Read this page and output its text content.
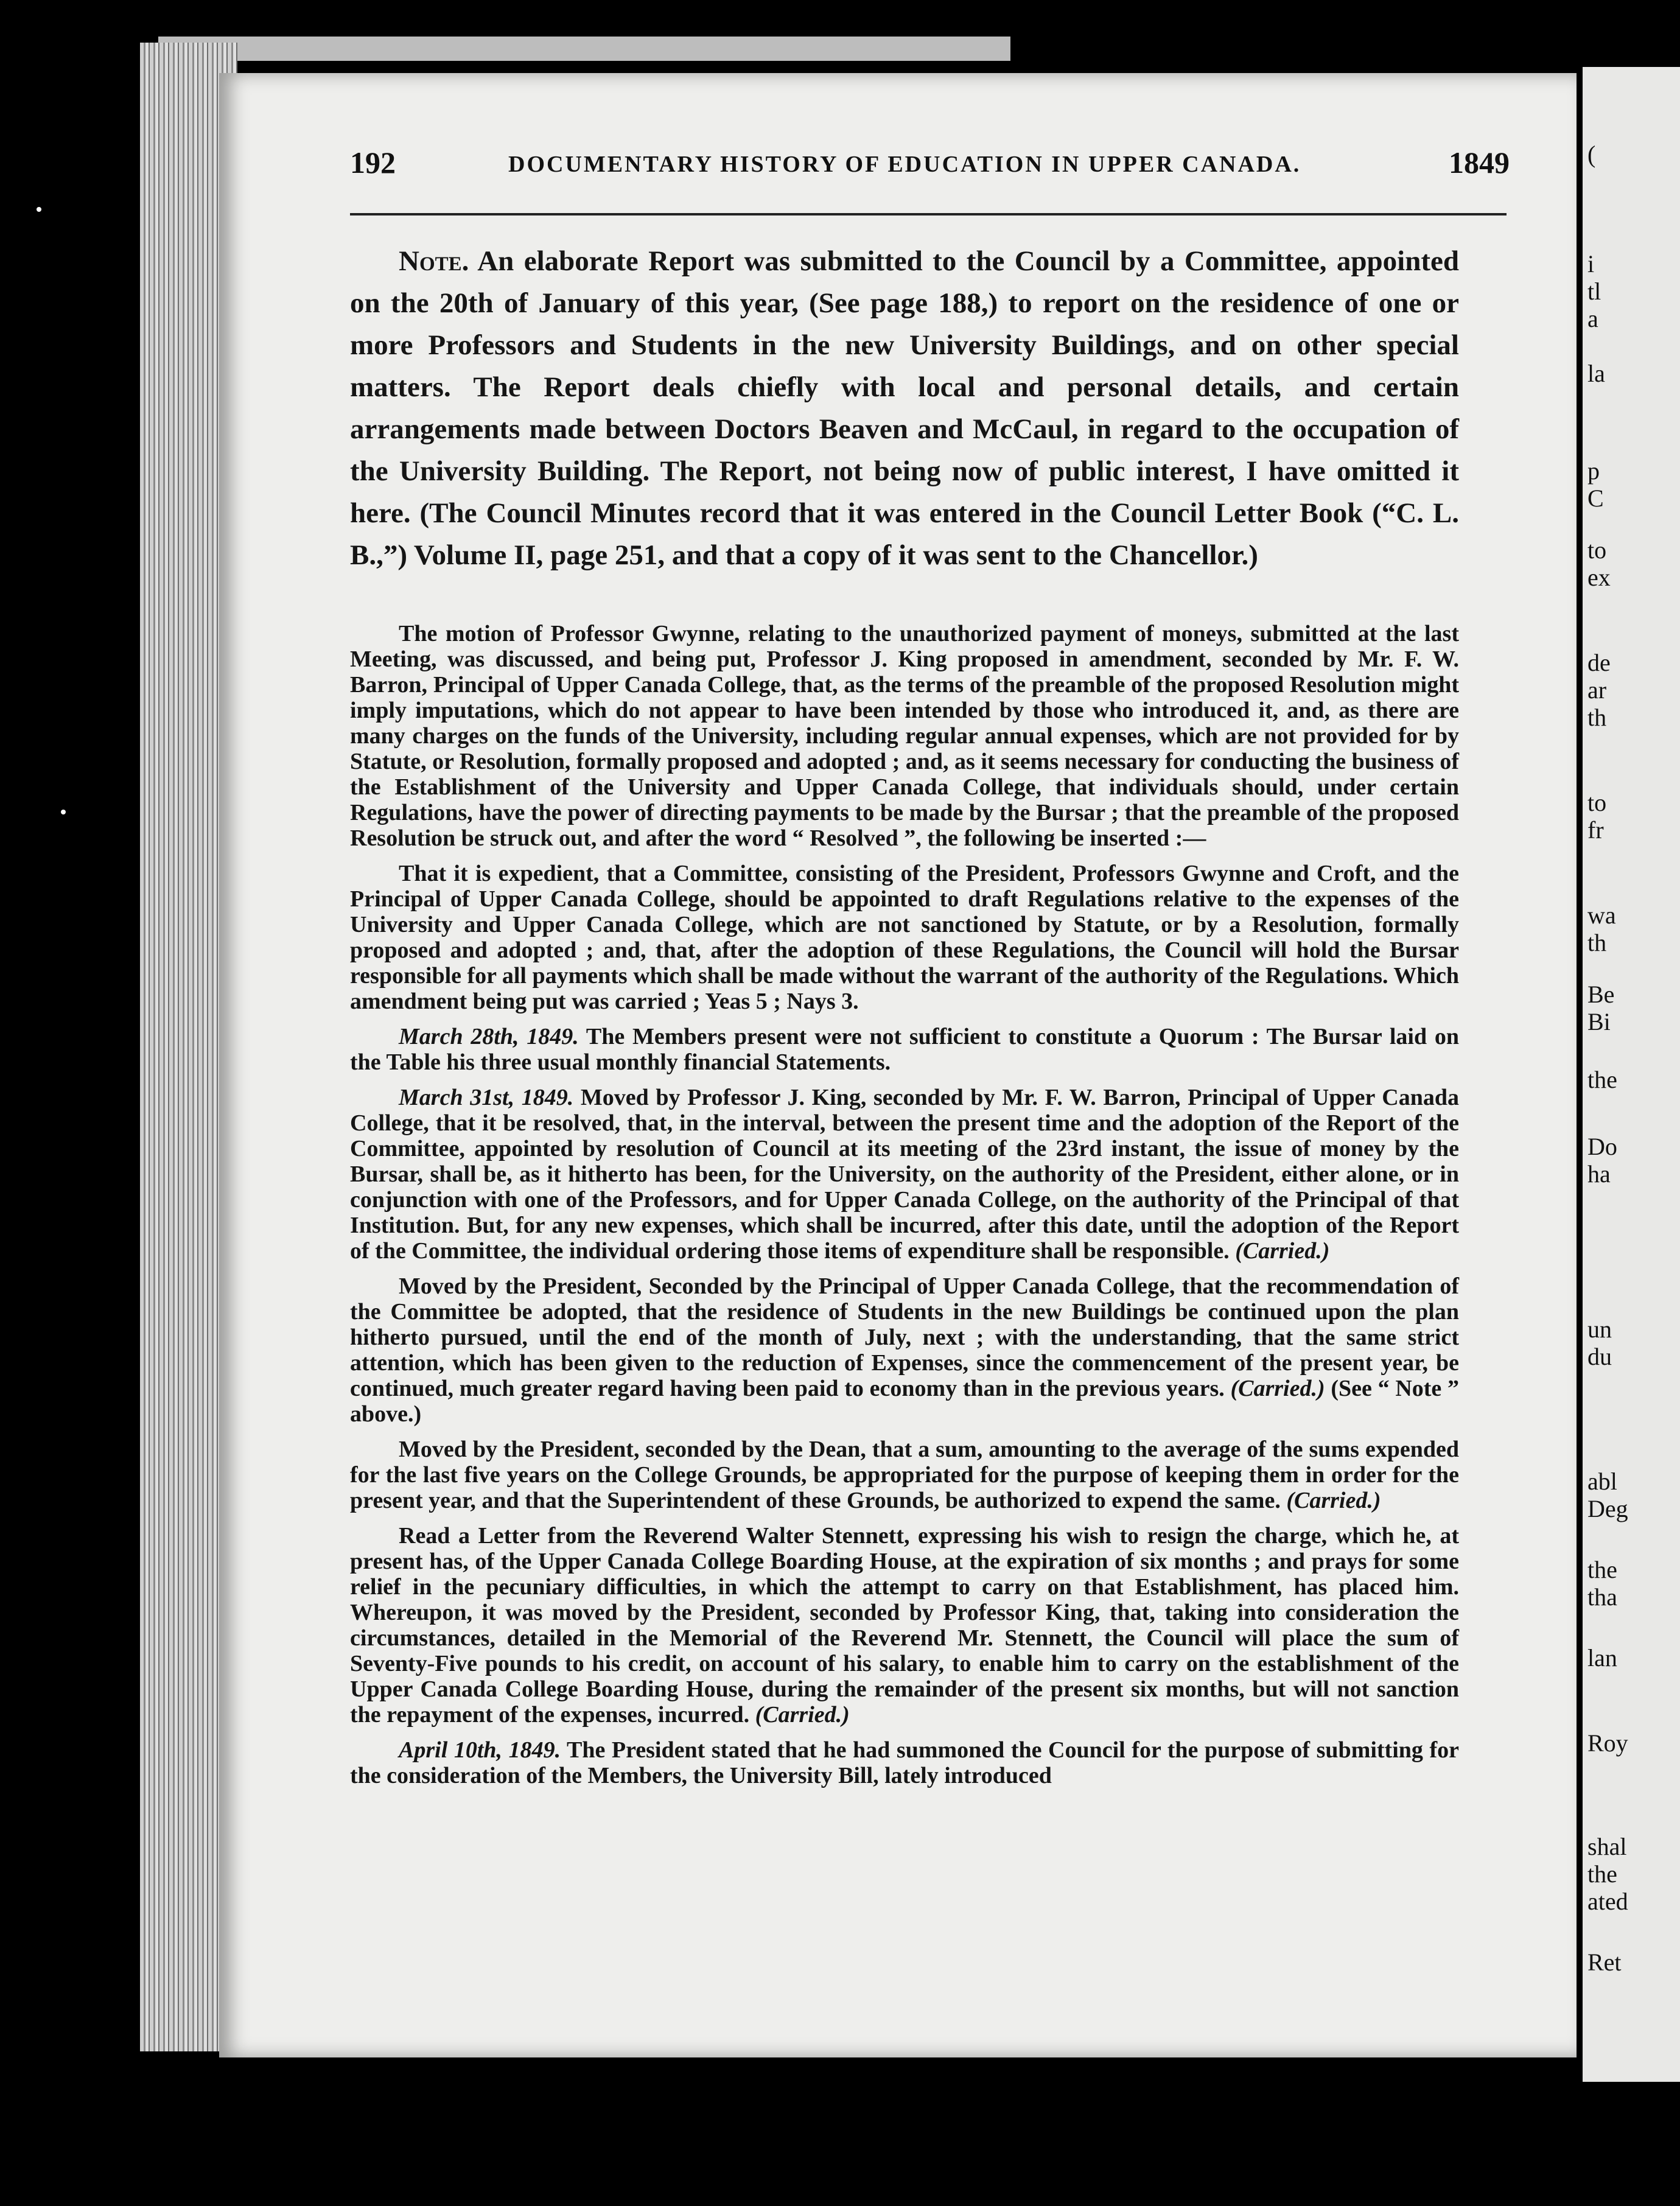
192	DOCUMENTARY HISTORY OF EDUCATION IN UPPER CANADA.	1849
Note. An elaborate Report was submitted to the Council by a Committee, appointed on the 20th of January of this year, (See page 188,) to report on the residence of one or more Professors and Students in the new University Buildings, and on other special matters. The Report deals chiefly with local and personal details, and certain arrangements made between Doctors Beaven and McCaul, in regard to the occupation of the University Building. The Report, not being now of public interest, I have omitted it here. (The Council Minutes record that it was entered in the Council Letter Book (“C. L. B.,”) Volume II, page 251, and that a copy of it was sent to the Chancellor.)

The motion of Professor Gwynne, relating to the unauthorized payment of moneys, submitted at the last Meeting, was discussed, and being put, Professor J. King proposed in amendment, seconded by Mr. F. W. Barron, Principal of Upper Canada College, that, as the terms of the preamble of the proposed Resolution might imply imputations, which do not appear to have been intended by those who introduced it, and, as there are many charges on the funds of the University, including regular annual expenses, which are not provided for by Statute, or Resolution, formally proposed and adopted ; and, as it seems necessary for conducting the business of the Establishment of the University and Upper Canada College, that individuals should, under certain Regulations, have the power of directing payments to be made by the Bursar ; that the preamble of the proposed Resolution be struck out, and after the word “ Resolved ”, the following be inserted :—

That it is expedient, that a Committee, consisting of the President, Professors Gwynne and Croft, and the Principal of Upper Canada College, should be appointed to draft Regulations relative to the expenses of the University and Upper Canada College, which are not sanctioned by Statute, or by a Resolution, formally proposed and adopted ; and, that, after the adoption of these Regulations, the Council will hold the Bursar responsible for all payments which shall be made without the warrant of the authority of the Regulations. Which amendment being put was carried ; Yeas 5 ; Nays 3.

March 28th, 1849. The Members present were not sufficient to constitute a Quorum : The Bursar laid on the Table his three usual monthly financial Statements.

March 31st, 1849. Moved by Professor J. King, seconded by Mr. F. W. Barron, Principal of Upper Canada College, that it be resolved, that, in the interval, between the present time and the adoption of the Report of the Committee, appointed by resolution of Council at its meeting of the 23rd instant, the issue of money by the Bursar, shall be, as it hitherto has been, for the University, on the authority of the President, either alone, or in conjunction with one of the Professors, and for Upper Canada College, on the authority of the Principal of that Institution. But, for any new expenses, which shall be incurred, after this date, until the adoption of the Report of the Committee, the individual ordering those items of expenditure shall be responsible. (Carried.)

Moved by the President, Seconded by the Principal of Upper Canada College, that the recommendation of the Committee be adopted, that the residence of Students in the new Buildings be continued upon the plan hitherto pursued, until the end of the month of July, next ; with the understanding, that the same strict attention, which has been given to the reduction of Expenses, since the commencement of the present year, be continued, much greater regard having been paid to economy than in the previous years. (Carried.) (See “ Note ” above.)

Moved by the President, seconded by the Dean, that a sum, amounting to the average of the sums expended for the last five years on the College Grounds, be appropriated for the purpose of keeping them in order for the present year, and that the Superintendent of these Grounds, be authorized to expend the same. (Carried.)

Read a Letter from the Reverend Walter Stennett, expressing his wish to resign the charge, which he, at present has, of the Upper Canada College Boarding House, at the expiration of six months ; and prays for some relief in the pecuniary difficulties, in which the attempt to carry on that Establishment, has placed him. Whereupon, it was moved by the President, seconded by Professor King, that, taking into consideration the circumstances, detailed in the Memorial of the Reverend Mr. Stennett, the Council will place the sum of Seventy-Five pounds to his credit, on account of his salary, to enable him to carry on the establishment of the Upper Canada College Boarding House, during the remainder of the present six months, but will not sanction the repayment of the expenses, incurred. (Carried.)

April 10th, 1849. The President stated that he had summoned the Council for the purpose of submitting for the consideration of the Members, the University Bill, lately introduced

(
i
tl
a
la
p
C
to
ex
de
ar
th
to
fr
wa
th
Be
Bi
the
Do
ha
un
du
abl
Deg
the
tha
lan
Roy
shal
the
ated
Ret
